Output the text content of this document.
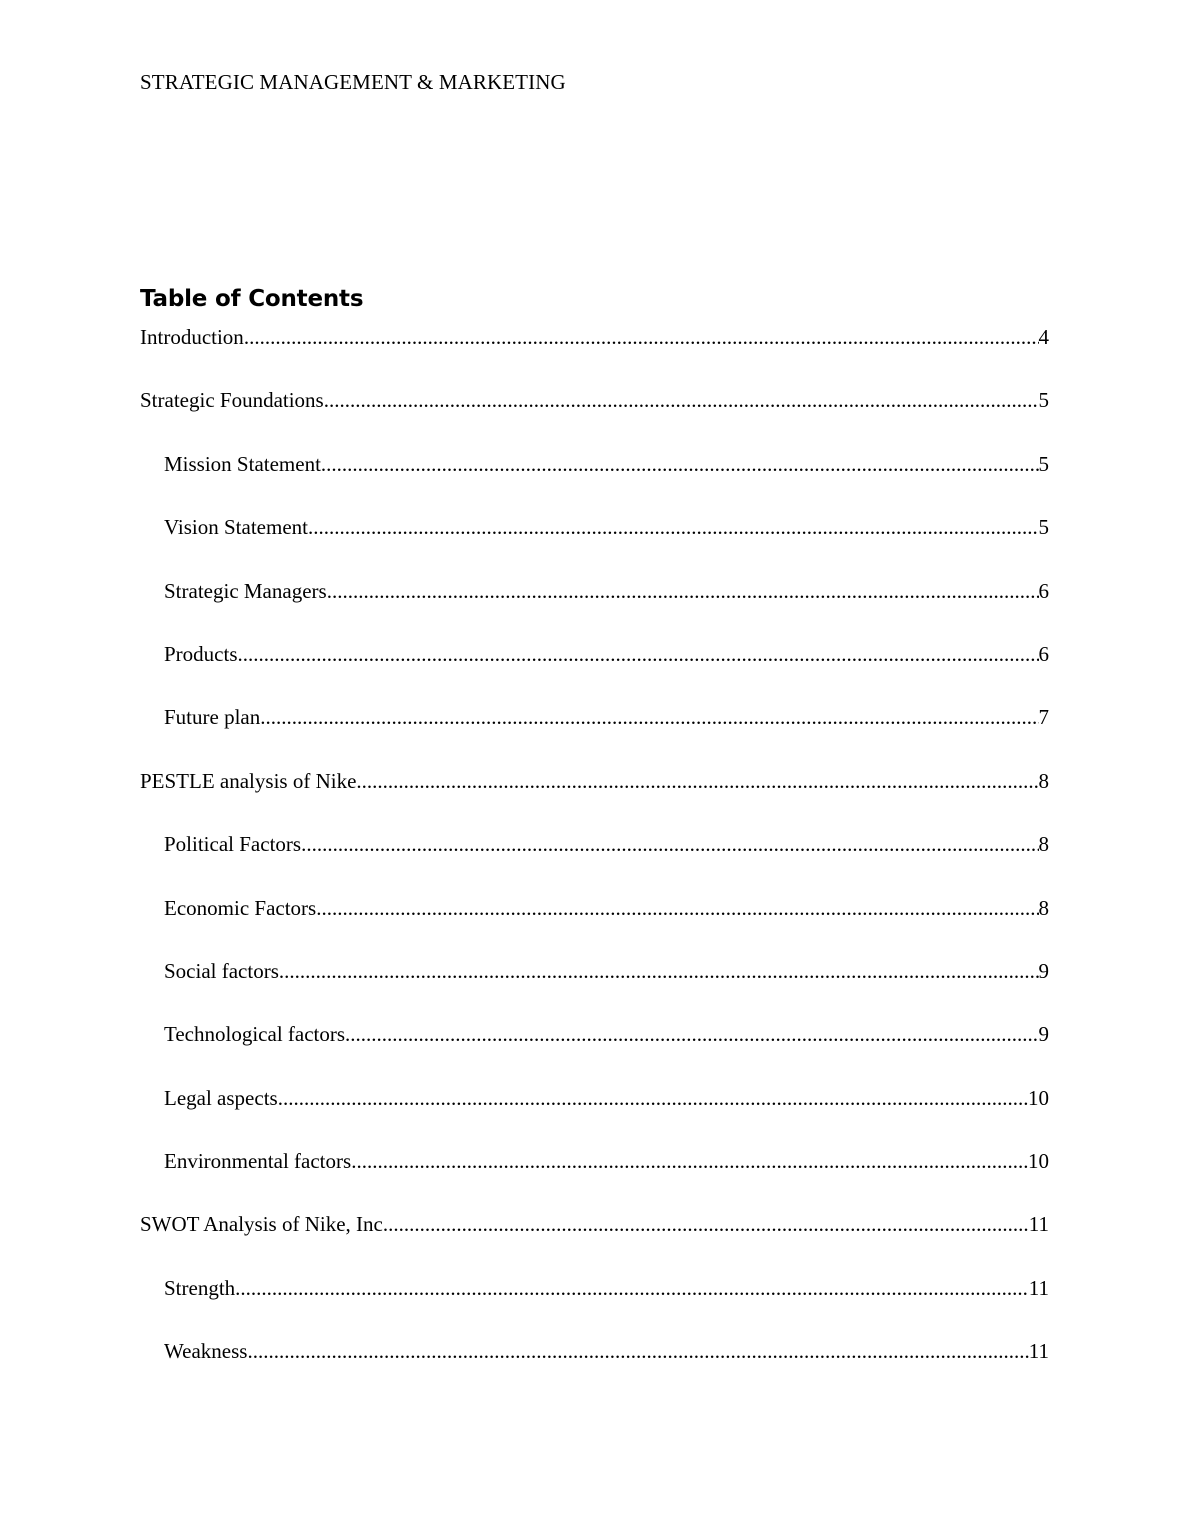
STRATEGIC MANAGEMENT & MARKETING
Table of Contents
Introduction .....	4
Strategic Foundations .....	5
Mission Statement .....	5
Vision Statement .....	5
Strategic Managers .....	6
Products .....	6
Future plan .....	7
PESTLE analysis of Nike .....	8
Political Factors .....	8
Economic Factors .....	8
Social factors .....	9
Technological factors .....	9
Legal aspects .....	10
Environmental factors .....	10
SWOT Analysis of Nike, Inc .....	11
Strength .....	11
Weakness .....	11
